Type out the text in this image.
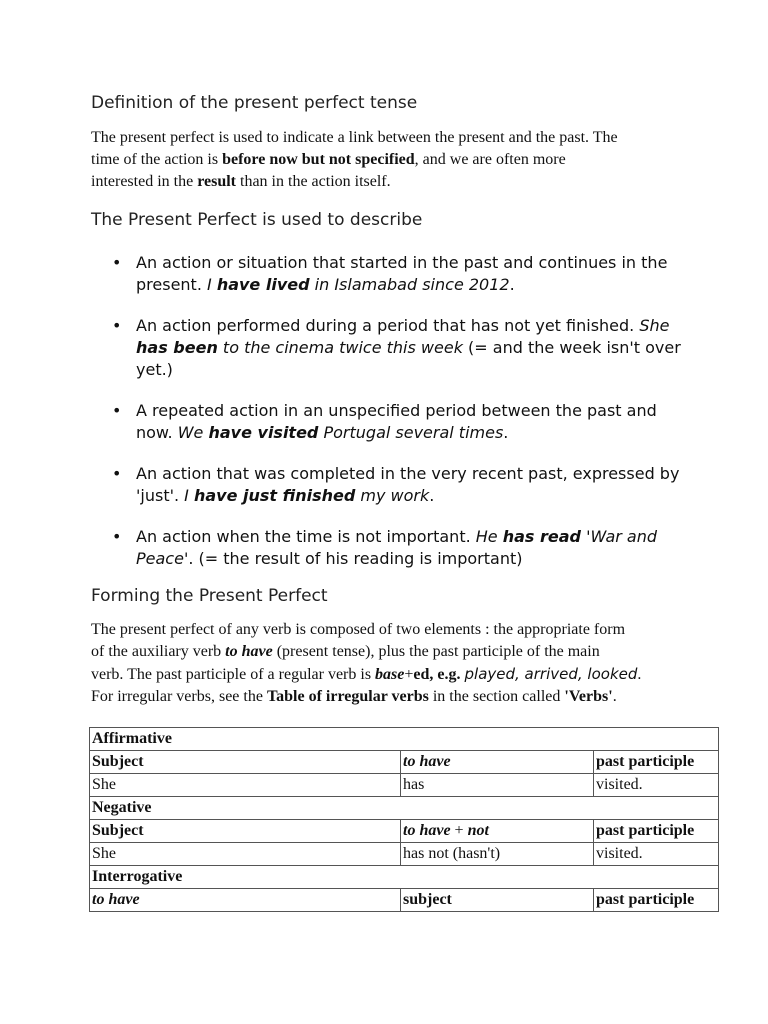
Definition of the present perfect tense
The present perfect is used to indicate a link between the present and the past. The
time of the action is before now but not specified, and we are often more
interested in the result than in the action itself.
The Present Perfect is used to describe
• An action or situation that started in the past and continues in the present. I have lived in Islamabad since 2012.
• An action performed during a period that has not yet finished. She has been to the cinema twice this week (= and the week isn't over yet.)
• A repeated action in an unspecified period between the past and now. We have visited Portugal several times.
• An action that was completed in the very recent past, expressed by 'just'. I have just finished my work.
• An action when the time is not important. He has read 'War and Peace'. (= the result of his reading is important)
Forming the Present Perfect
The present perfect of any verb is composed of two elements : the appropriate form
of the auxiliary verb to have (present tense), plus the past participle of the main
verb. The past participle of a regular verb is base+ed, e.g. played, arrived, looked.
For irregular verbs, see the Table of irregular verbs in the section called 'Verbs'.
Affirmative		
Subject	to have	past participle
She	has	visited.
Negative		
Subject	to have + not	past participle
She	has not (hasn't)	visited.
Interrogative		
to have	subject	past participle
